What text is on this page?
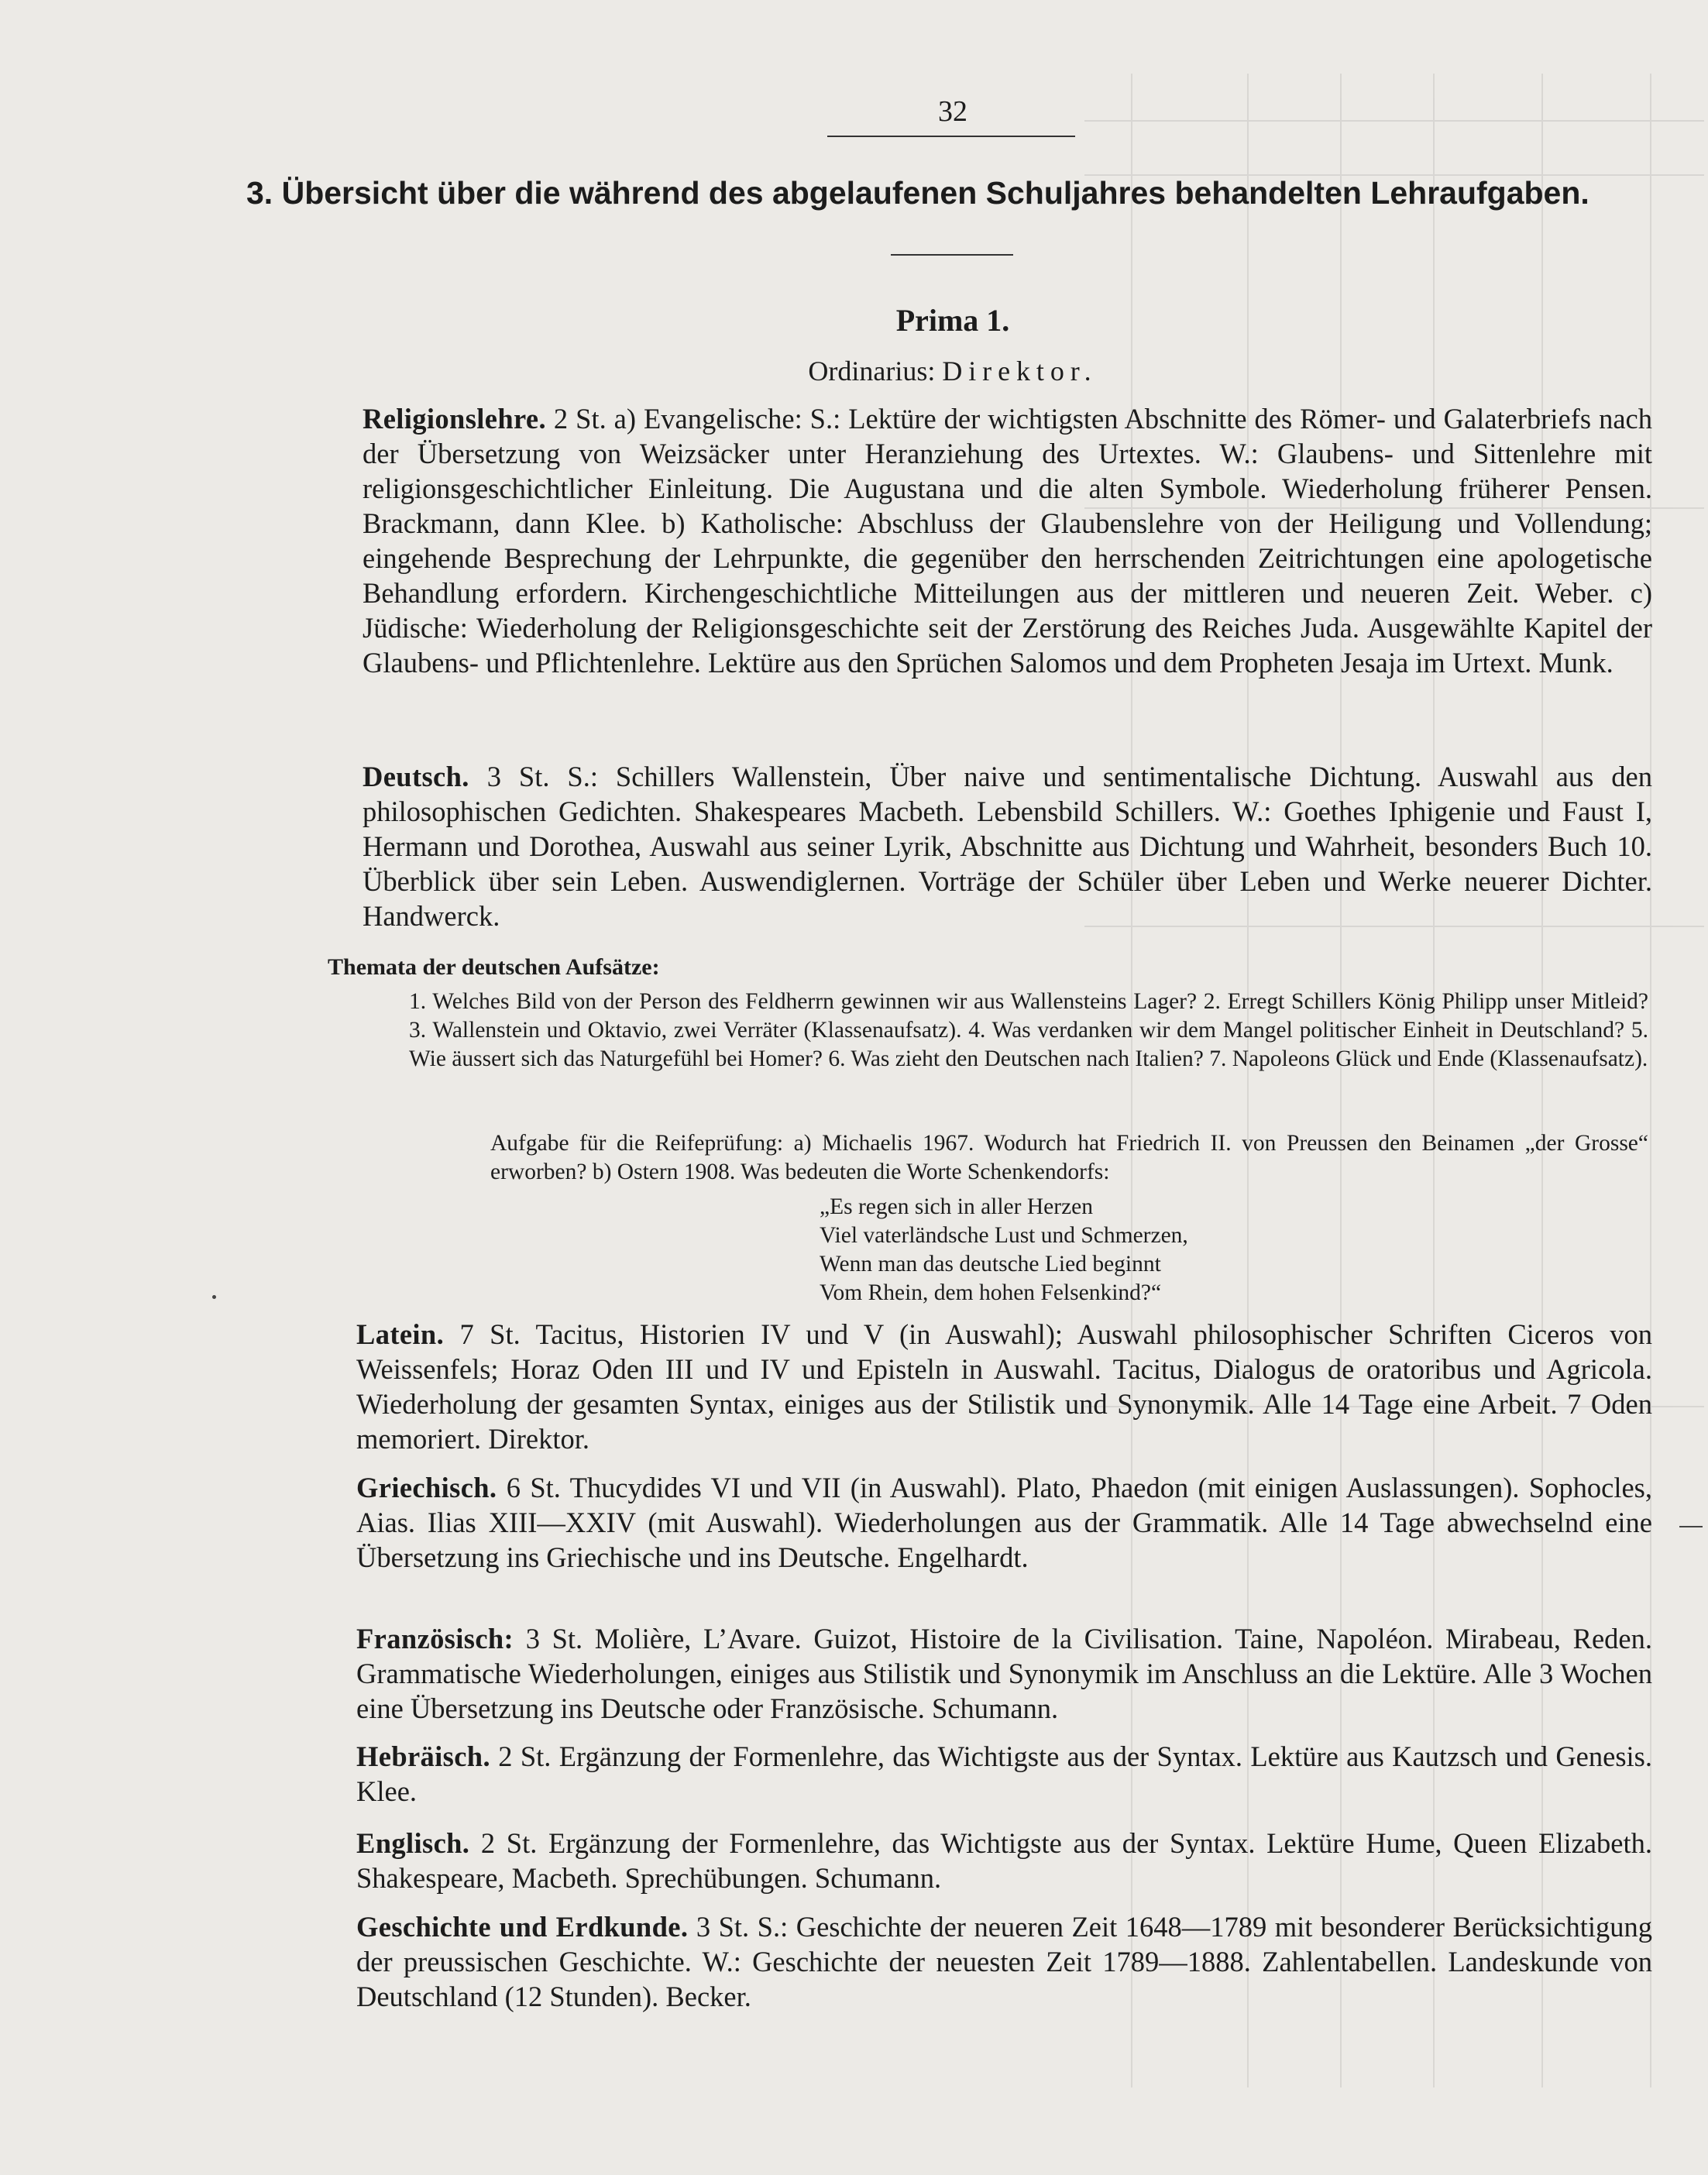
32
3. Übersicht über die während des abgelaufenen Schuljahres behandelten Lehraufgaben.
Prima 1.
Ordinarius: Direktor.

Religionslehre. 2 St. a) Evangelische: S.: Lektüre der wichtigsten Abschnitte des Römer- und Galaterbriefs nach der Übersetzung von Weizsäcker unter Heranziehung des Urtextes. W.: Glaubens- und Sittenlehre mit religionsgeschichtlicher Einleitung. Die Augustana und die alten Symbole. Wiederholung früherer Pensen. Brackmann, dann Klee. b) Katholische: Abschluss der Glaubenslehre von der Heiligung und Vollendung; eingehende Besprechung der Lehrpunkte, die gegenüber den herrschenden Zeitrichtungen eine apologetische Behandlung erfordern. Kirchengeschichtliche Mitteilungen aus der mittleren und neueren Zeit. Weber. c) Jüdische: Wiederholung der Religionsgeschichte seit der Zerstörung des Reiches Juda. Ausgewählte Kapitel der Glaubens- und Pflichtenlehre. Lektüre aus den Sprüchen Salomos und dem Propheten Jesaja im Urtext. Munk.

Deutsch. 3 St. S.: Schillers Wallenstein, Über naive und sentimentalische Dichtung. Auswahl aus den philosophischen Gedichten. Shakespeares Macbeth. Lebensbild Schillers. W.: Goethes Iphigenie und Faust I, Hermann und Dorothea, Auswahl aus seiner Lyrik, Abschnitte aus Dichtung und Wahrheit, besonders Buch 10. Überblick über sein Leben. Auswendiglernen. Vorträge der Schüler über Leben und Werke neuerer Dichter. Handwerck.

Themata der deutschen Aufsätze:
1. Welches Bild von der Person des Feldherrn gewinnen wir aus Wallensteins Lager? 2. Erregt Schillers König Philipp unser Mitleid? 3. Wallenstein und Oktavio, zwei Verräter (Klassenaufsatz). 4. Was verdanken wir dem Mangel politischer Einheit in Deutschland? 5. Wie äussert sich das Naturgefühl bei Homer? 6. Was zieht den Deutschen nach Italien? 7. Napoleons Glück und Ende (Klassenaufsatz).
Aufgabe für die Reifeprüfung: a) Michaelis 1967. Wodurch hat Friedrich II. von Preussen den Beinamen „der Grosse“ erworben? b) Ostern 1908. Was bedeuten die Worte Schenkendorfs:
„Es regen sich in aller Herzen
Viel vaterländsche Lust und Schmerzen,
Wenn man das deutsche Lied beginnt
Vom Rhein, dem hohen Felsenkind?“

Latein. 7 St. Tacitus, Historien IV und V (in Auswahl); Auswahl philosophischer Schriften Ciceros von Weissenfels; Horaz Oden III und IV und Episteln in Auswahl. Tacitus, Dialogus de oratoribus und Agricola. Wiederholung der gesamten Syntax, einiges aus der Stilistik und Synonymik. Alle 14 Tage eine Arbeit. 7 Oden memoriert. Direktor.

Griechisch. 6 St. Thucydides VI und VII (in Auswahl). Plato, Phaedon (mit einigen Auslassungen). Sophocles, Aias. Ilias XIII—XXIV (mit Auswahl). Wiederholungen aus der Grammatik. Alle 14 Tage abwechselnd eine Übersetzung ins Griechische und ins Deutsche. Engelhardt.

Französisch: 3 St. Molière, L’Avare. Guizot, Histoire de la Civilisation. Taine, Napoléon. Mirabeau, Reden. Grammatische Wiederholungen, einiges aus Stilistik und Synonymik im Anschluss an die Lektüre. Alle 3 Wochen eine Übersetzung ins Deutsche oder Französische. Schumann.

Hebräisch. 2 St. Ergänzung der Formenlehre, das Wichtigste aus der Syntax. Lektüre aus Kautzsch und Genesis. Klee.

Englisch. 2 St. Ergänzung der Formenlehre, das Wichtigste aus der Syntax. Lektüre Hume, Queen Elizabeth. Shakespeare, Macbeth. Sprechübungen. Schumann.

Geschichte und Erdkunde. 3 St. S.: Geschichte der neueren Zeit 1648—1789 mit besonderer Berücksichtigung der preussischen Geschichte. W.: Geschichte der neuesten Zeit 1789—1888. Zahlentabellen. Landeskunde von Deutschland (12 Stunden). Becker.
